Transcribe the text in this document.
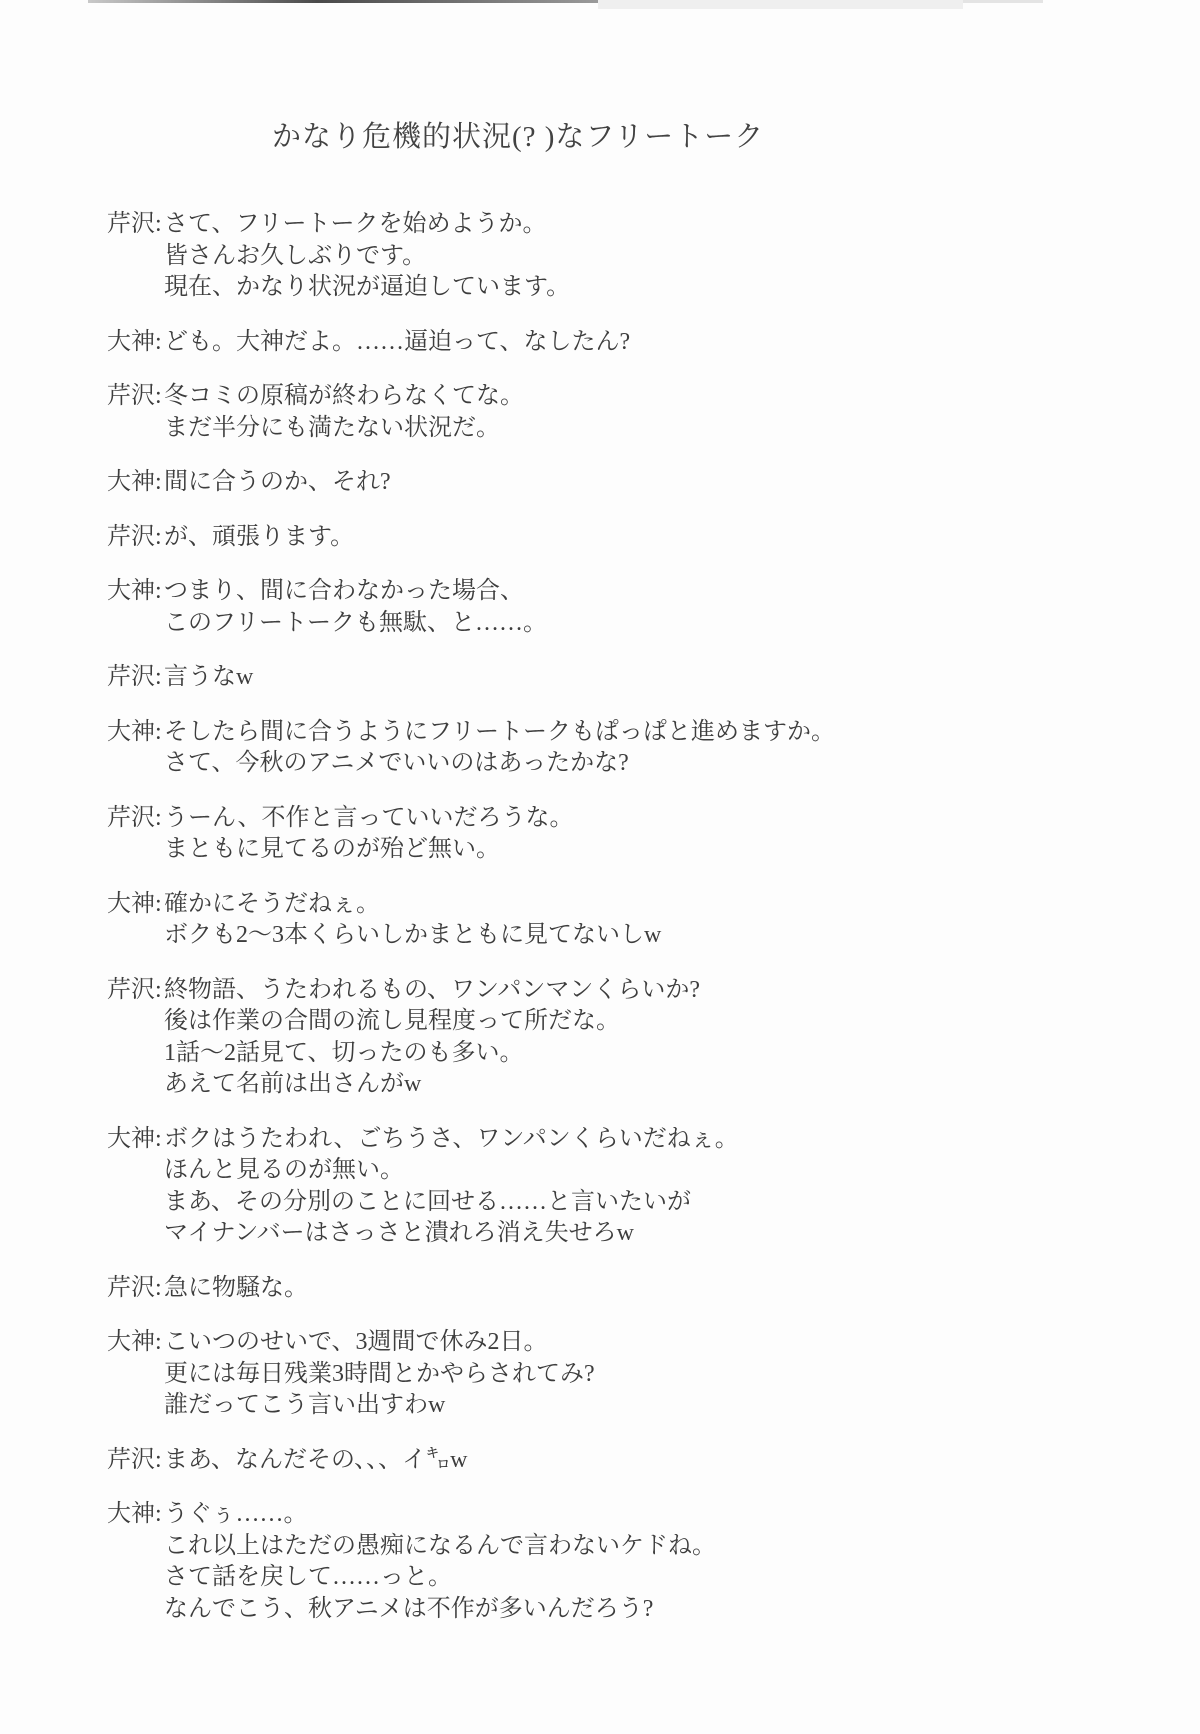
かなり危機的状況(? )なフリートーク
芹沢: さて、フリートークを始めようか。
皆さんお久しぶりです。
現在、かなり状況が逼迫しています。
大神: ども。大神だよ。……逼迫って、なしたん?
芹沢: 冬コミの原稿が終わらなくてな。
まだ半分にも満たない状況だ。
大神: 間に合うのか、それ?
芹沢: が、頑張ります。
大神: つまり、間に合わなかった場合、
このフリートークも無駄、と……。
芹沢: 言うなw
大神: そしたら間に合うようにフリートークもぱっぱと進めますか。
さて、今秋のアニメでいいのはあったかな?
芹沢: うーん、不作と言っていいだろうな。
まともに見てるのが殆ど無い。
大神: 確かにそうだねぇ。
ボクも2～3本くらいしかまともに見てないしw
芹沢: 終物語、うたわれるもの、ワンパンマンくらいか?
後は作業の合間の流し見程度って所だな。
1話～2話見て、切ったのも多い。
あえて名前は出さんがw
大神: ボクはうたわれ、ごちうさ、ワンパンくらいだねぇ。
ほんと見るのが無い。
まあ、その分別のことに回せる……と言いたいが
マイナンバーはさっさと潰れろ消え失せろw
芹沢: 急に物騒な。
大神: こいつのせいで、3週間で休み2日。
更には毎日残業3時間とかやらされてみ?
誰だってこう言い出すわw
芹沢: まあ、なんだその、、、イ㌔w
大神: うぐぅ……。
これ以上はただの愚痴になるんで言わないケドね。
さて話を戻して……っと。
なんでこう、秋アニメは不作が多いんだろう?
